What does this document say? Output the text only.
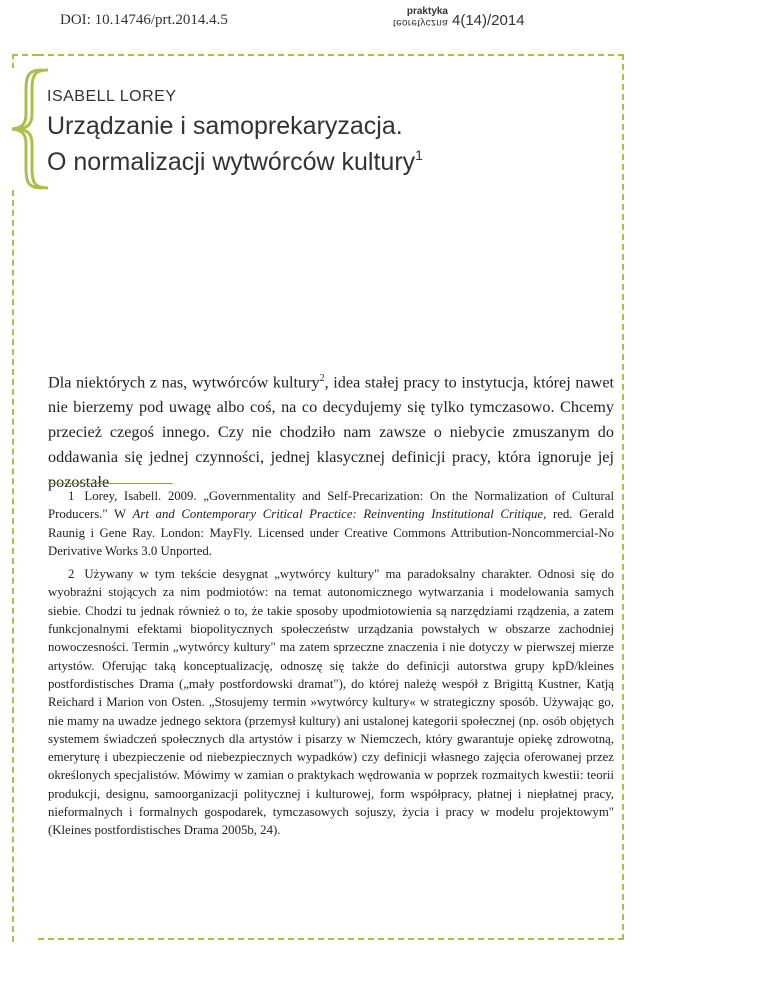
DOI: 10.14746/prt.2014.4.5
praktyka
teoretyczna 4(14)/2014
ISABELL LOREY
Urządzanie i samoprekaryzacja.
O normalizacji wytwórców kultury$^1$
Dla niektórych z nas, wytwórców kultury$^2$, idea stałej pracy to instytucja, której nawet nie bierzemy pod uwagę albo coś, na co decydujemy się tylko tymczasowo. Chcemy przecież czegoś innego. Czy nie chodziło nam zawsze o niebycie zmuszanym do oddawania się jednej czynności, jednej klasycznej definicji pracy, która ignoruje jej pozostałe

1 Lorey, Isabell. 2009. „Governmentality and Self-Precarization: On the Normalization of Cultural Producers." W Art and Contemporary Critical Practice: Reinventing Institutional Critique, red. Gerald Raunig i Gene Ray. London: MayFly. Licensed under Creative Commons Attribution-Noncommercial-No Derivative Works 3.0 Unported.

2 Używany w tym tekście desygnat „wytwórcy kultury" ma paradoksalny charakter. Odnosi się do wyobraźni stojących za nim podmiotów: na temat autonomicznego wytwarzania i modelowania samych siebie. Chodzi tu jednak również o to, że takie sposoby upodmiotowienia są narzędziami rządzenia, a zatem funkcjonalnymi efektami biopolitycznych społeczeństw urządzania powstałych w obszarze zachodniej nowoczesności. Termin „wytwórcy kultury" ma zatem sprzeczne znaczenia i nie dotyczy w pierwszej mierze artystów. Oferując taką konceptualizację, odnoszę się także do definicji autorstwa grupy kpD/kleines postfordistisches Drama („mały postfordowski dramat"), do której należę wespół z Brigittą Kustner, Katją Reichard i Marion von Osten. „Stosujemy termin »wytwórcy kultury« w strategiczny sposób. Używając go, nie mamy na uwadze jednego sektora (przemysł kultury) ani ustalonej kategorii społecznej (np. osób objętych systemem świadczeń społecznych dla artystów i pisarzy w Niemczech, który gwarantuje opiekę zdrowotną, emeryturę i ubezpieczenie od niebezpiecznych wypadków) czy definicji własnego zajęcia oferowanej przez określonych specjalistów. Mówimy w zamian o praktykach wędrowania w poprzek rozmaitych kwestii: teorii produkcji, designu, samoorganizacji politycznej i kulturowej, form współpracy, płatnej i niepłatnej pracy, nieformalnych i formalnych gospodarek, tymczasowych sojuszy, życia i pracy w modelu projektowym" (Kleines postfordistisches Drama 2005b, 24).
